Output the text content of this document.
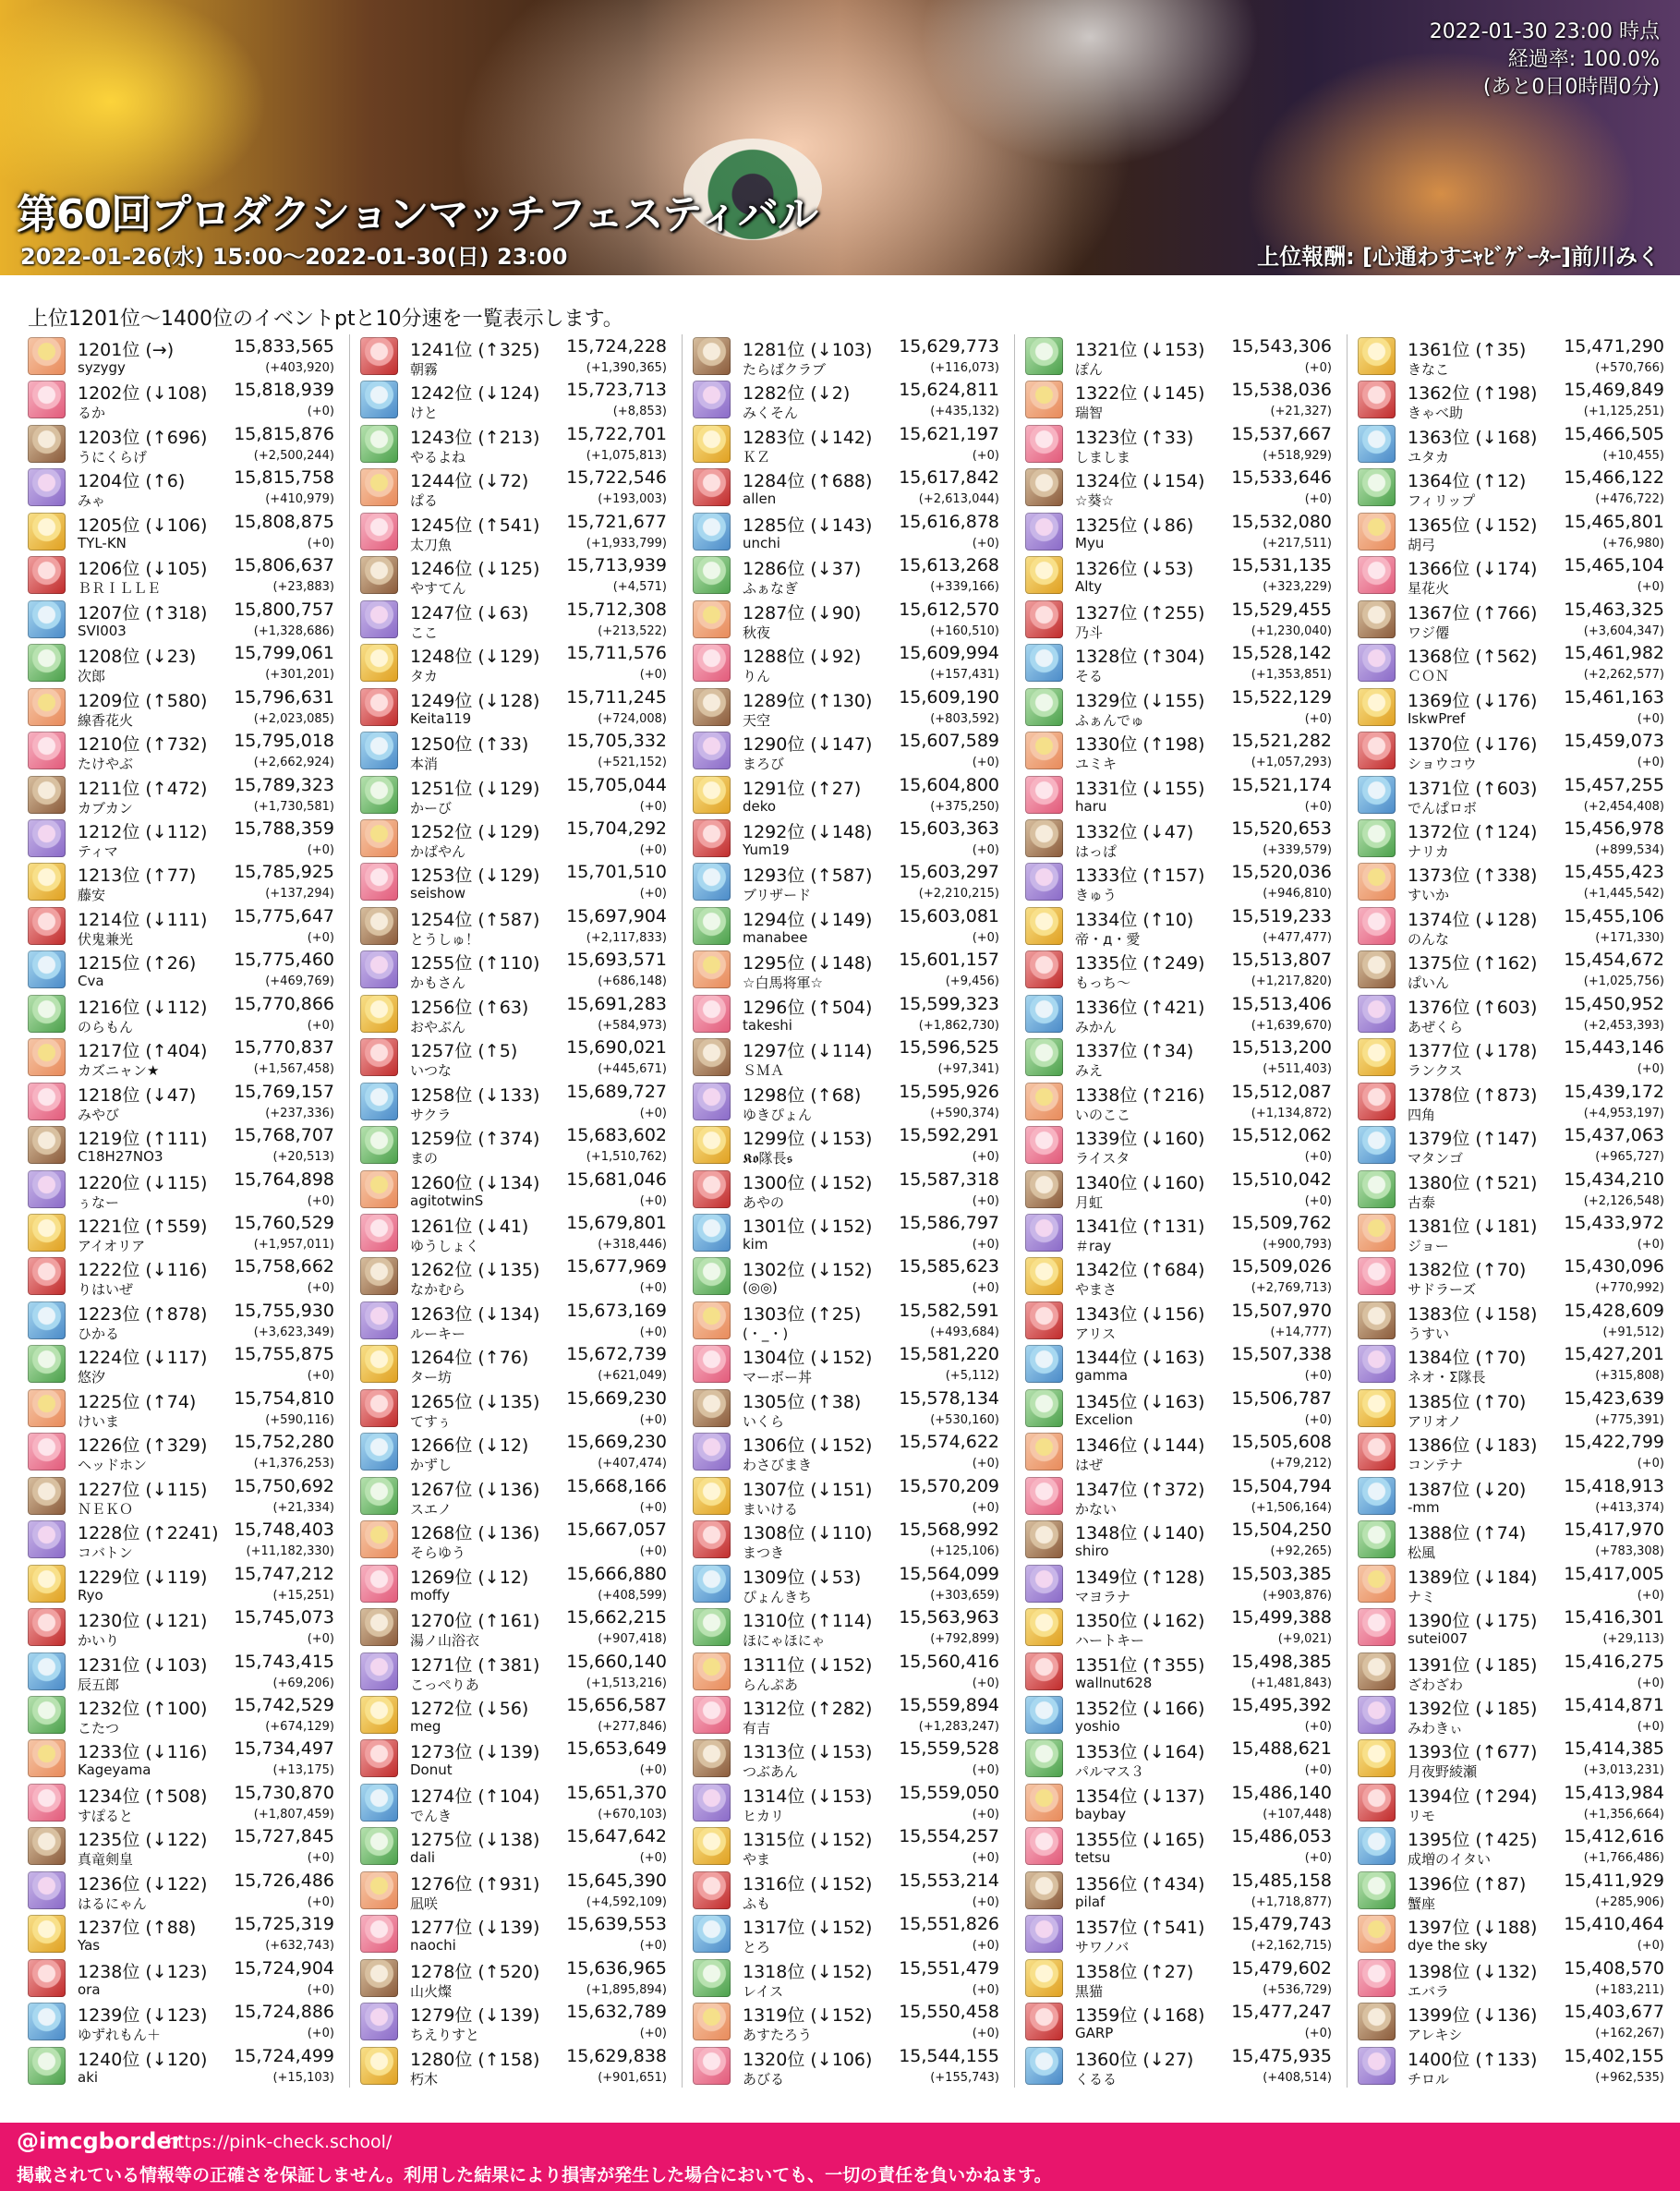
第60回プロダクションマッチフェスティバル
2022-01-26(水) 15:00～2022-01-30(日) 23:00	上位報酬: [心通わすﾆｬﾋﾞｹﾞｰﾀｰ]前川みく
2022-01-30 23:00 時点
経過率: 100.0%
(あと0日0時間0分)
上位1201位～1400位のイベントptと10分速を一覧表示します。
1201位 (→)	15,833,565
syzygy	(+403,920)
1202位 (↓108) 15,818,939
るか	(+0)
1203位 (↑696) 15,815,876
うにくらげ	(+2,500,244)
1204位 (↑6)	15,815,758
みゃ	(+410,979)
1205位 (↓106) 15,808,875
TYL-KN	(+0)
1206位 (↓105) 15,806,637
ＢＲＩＬＬＥ	(+23,883)
1207位 (↑318) 15,800,757
SVI003	(+1,328,686)
1208位 (↓23) 15,799,061
次郎	(+301,201)
1209位 (↑580) 15,796,631
線香花火	(+2,023,085)
1210位 (↑732) 15,795,018
たけやぶ	(+2,662,924)
1211位 (↑472) 15,789,323
カブカン	(+1,730,581)
1212位 (↓112) 15,788,359
ティマ	(+0)
1213位 (↑77) 15,785,925
藤安	(+137,294)
1214位 (↓111) 15,775,647
伏鬼兼光	(+0)
1215位 (↑26) 15,775,460
Cva	(+469,769)
1216位 (↓112) 15,770,866
のらもん	(+0)
1217位 (↑404) 15,770,837
カズニャン★	(+1,567,458)
1218位 (↓47) 15,769,157
みやび	(+237,336)
1219位 (↑111) 15,768,707
C18H27NO3	(+20,513)
1220位 (↓115) 15,764,898
ぅなー	(+0)
1221位 (↑559) 15,760,529
アイオリア	(+1,957,011)
1222位 (↓116) 15,758,662
りはいぜ	(+0)
1223位 (↑878) 15,755,930
ひかる	(+3,623,349)
1224位 (↓117) 15,755,875
悠汐	(+0)
1225位 (↑74) 15,754,810
けいま	(+590,116)
1226位 (↑329) 15,752,280
ヘッドホン	(+1,376,253)
1227位 (↓115) 15,750,692
ＮＥＫＯ	(+21,334)
1228位 (↑2241) 15,748,403
コバトン	(+11,182,330)
1229位 (↓119) 15,747,212
Ryo	(+15,251)
1230位 (↓121) 15,745,073
かいり	(+0)
1231位 (↓103) 15,743,415
辰五郎	(+69,206)
1232位 (↑100) 15,742,529
こたつ	(+674,129)
1233位 (↓116) 15,734,497
Kageyama	(+13,175)
1234位 (↑508) 15,730,870
すぽると	(+1,807,459)
1235位 (↓122) 15,727,845
真竜剣皇	(+0)
1236位 (↓122) 15,726,486
はるにゃん	(+0)
1237位 (↑88) 15,725,319
Yas	(+632,743)
1238位 (↓123) 15,724,904
ora	(+0)
1239位 (↓123) 15,724,886
ゆずれもん＋	(+0)
1240位 (↓120) 15,724,499
aki	(+15,103)
1241位 (↑325) 15,724,228
朝霧	(+1,390,365)
1242位 (↓124) 15,723,713
けと	(+8,853)
1243位 (↑213) 15,722,701
やるよね	(+1,075,813)
1244位 (↓72) 15,722,546
ぱる	(+193,003)
1245位 (↑541) 15,721,677
太刀魚	(+1,933,799)
1246位 (↓125) 15,713,939
やすてん	(+4,571)
1247位 (↓63) 15,712,308
ここ	(+213,522)
1248位 (↓129) 15,711,576
タカ	(+0)
1249位 (↓128) 15,711,245
Keita119	(+724,008)
1250位 (↑33) 15,705,332
本消	(+521,152)
1251位 (↓129) 15,705,044
かーび	(+0)
1252位 (↓129) 15,704,292
かばやん	(+0)
1253位 (↓129) 15,701,510
seishow	(+0)
1254位 (↑587) 15,697,904
とうしゅ！	(+2,117,833)
1255位 (↑110) 15,693,571
かもさん	(+686,148)
1256位 (↑63) 15,691,283
おやぶん	(+584,973)
1257位 (↑5)	15,690,021
いつな	(+445,671)
1258位 (↓133) 15,689,727
サクラ	(+0)
1259位 (↑374) 15,683,602
まの	(+1,510,762)
1260位 (↓134) 15,681,046
agitotwinS	(+0)
1261位 (↓41) 15,679,801
ゆうしょく	(+318,446)
1262位 (↓135) 15,677,969
なかむら	(+0)
1263位 (↓134) 15,673,169
ルーキー	(+0)
1264位 (↑76) 15,672,739
ター坊	(+621,049)
1265位 (↓135) 15,669,230
てすぅ	(+0)
1266位 (↓12) 15,669,230
かずし	(+407,474)
1267位 (↓136) 15,668,166
スエノ	(+0)
1268位 (↓136) 15,667,057
そらゆう	(+0)
1269位 (↓12) 15,666,880
moffy	(+408,599)
1270位 (↑161) 15,662,215
湯ノ山浴衣	(+907,418)
1271位 (↑381) 15,660,140
こっぺりあ	(+1,513,216)
1272位 (↓56) 15,656,587
meg	(+277,846)
1273位 (↓139) 15,653,649
Donut	(+0)
1274位 (↑104) 15,651,370
でんき	(+670,103)
1275位 (↓138) 15,647,642
dali	(+0)
1276位 (↑931) 15,645,390
凪咲	(+4,592,109)
1277位 (↓139) 15,639,553
naochi	(+0)
1278位 (↑520) 15,636,965
山火燦	(+1,895,894)
1279位 (↓139) 15,632,789
ちえりすと	(+0)
1280位 (↑158) 15,629,838
朽木	(+901,651)
1281位 (↓103) 15,629,773
たらばクラブ	(+116,073)
1282位 (↓2)	15,624,811
みくそん	(+435,132)
1283位 (↓142) 15,621,197
ＫＺ	(+0)
1284位 (↑688) 15,617,842
allen	(+2,613,044)
1285位 (↓143) 15,616,878
unchi	(+0)
1286位 (↓37) 15,613,268
ふぁなぎ	(+339,166)
1287位 (↓90) 15,612,570
秋夜	(+160,510)
1288位 (↓92) 15,609,994
りん	(+157,431)
1289位 (↑130) 15,609,190
天空	(+803,592)
1290位 (↓147) 15,607,589
まろび	(+0)
1291位 (↑27) 15,604,800
deko	(+375,250)
1292位 (↓148) 15,603,363
Yum19	(+0)
1293位 (↑587) 15,603,297
ブリザード	(+2,210,215)
1294位 (↓149) 15,603,081
manabee	(+0)
1295位 (↓148) 15,601,157
☆白馬将軍☆	(+9,456)
1296位 (↑504) 15,599,323
takeshi	(+1,862,730)
1297位 (↓114) 15,596,525
ＳＭＡ	(+97,341)
1298位 (↑68) 15,595,926
ゆきぴょん	(+590,374)
1299位 (↓153) 15,592,291
𝕶𝖔隊長𝖘	(+0)
1300位 (↓152) 15,587,318
あやの	(+0)
1301位 (↓152) 15,586,797
kim	(+0)
1302位 (↓152) 15,585,623
(◎◎)	(+0)
1303位 (↑25) 15,582,591
(・_・)	(+493,684)
1304位 (↓152) 15,581,220
マーボー丼	(+5,112)
1305位 (↑38) 15,578,134
いくら	(+530,160)
1306位 (↓152) 15,574,622
わさびまき	(+0)
1307位 (↓151) 15,570,209
まいける	(+0)
1308位 (↓110) 15,568,992
まつき	(+125,106)
1309位 (↓53) 15,564,099
ぴょんきち	(+303,659)
1310位 (↑114) 15,563,963
ほにゃほにゃ	(+792,899)
1311位 (↓152) 15,560,416
らんぷあ	(+0)
1312位 (↑282) 15,559,894
有吉	(+1,283,247)
1313位 (↓153) 15,559,528
つぶあん	(+0)
1314位 (↓153) 15,559,050
ヒカリ	(+0)
1315位 (↓152) 15,554,257
やま	(+0)
1316位 (↓152) 15,553,214
ふも	(+0)
1317位 (↓152) 15,551,826
とろ	(+0)
1318位 (↓152) 15,551,479
レイス	(+0)
1319位 (↓152) 15,550,458
あすたろう	(+0)
1320位 (↓106) 15,544,155
あびる	(+155,743)
1321位 (↓153) 15,543,306
ぽん	(+0)
1322位 (↓145) 15,538,036
瑞智	(+21,327)
1323位 (↑33) 15,537,667
しましま	(+518,929)
1324位 (↓154) 15,533,646
☆葵☆	(+0)
1325位 (↓86) 15,532,080
Myu	(+217,511)
1326位 (↓53) 15,531,135
Alty	(+323,229)
1327位 (↑255) 15,529,455
乃斗	(+1,230,040)
1328位 (↑304) 15,528,142
そる	(+1,353,851)
1329位 (↓155) 15,522,129
ふぁんでゅ	(+0)
1330位 (↑198) 15,521,282
ユミキ	(+1,057,293)
1331位 (↓155) 15,521,174
haru	(+0)
1332位 (↓47) 15,520,653
はっぱ	(+339,579)
1333位 (↑157) 15,520,036
きゅう	(+946,810)
1334位 (↑10) 15,519,233
帝・д・愛	(+477,477)
1335位 (↑249) 15,513,807
もっち～	(+1,217,820)
1336位 (↑421) 15,513,406
みかん	(+1,639,670)
1337位 (↑34) 15,513,200
みえ	(+511,403)
1338位 (↑216) 15,512,087
いのここ	(+1,134,872)
1339位 (↓160) 15,512,062
ライスタ	(+0)
1340位 (↓160) 15,510,042
月虹	(+0)
1341位 (↑131) 15,509,762
＃ray	(+900,793)
1342位 (↑684) 15,509,026
やまさ	(+2,769,713)
1343位 (↓156) 15,507,970
アリス	(+14,777)
1344位 (↓163) 15,507,338
gamma	(+0)
1345位 (↓163) 15,506,787
Excelion	(+0)
1346位 (↓144) 15,505,608
はぜ	(+79,212)
1347位 (↑372) 15,504,794
かない	(+1,506,164)
1348位 (↓140) 15,504,250
shiro	(+92,265)
1349位 (↑128) 15,503,385
マヨラナ	(+903,876)
1350位 (↓162) 15,499,388
ハートキー	(+9,021)
1351位 (↑355) 15,498,385
wallnut628	(+1,481,843)
1352位 (↓166) 15,495,392
yoshio	(+0)
1353位 (↓164) 15,488,621
パルマス３	(+0)
1354位 (↓137) 15,486,140
baybay	(+107,448)
1355位 (↓165) 15,486,053
tetsu	(+0)
1356位 (↑434) 15,485,158
pilaf	(+1,718,877)
1357位 (↑541) 15,479,743
サワノバ	(+2,162,715)
1358位 (↑27) 15,479,602
黒猫	(+536,729)
1359位 (↓168) 15,477,247
GARP	(+0)
1360位 (↓27) 15,475,935
くるる	(+408,514)
1361位 (↑35) 15,471,290
きなこ	(+570,766)
1362位 (↑198) 15,469,849
きゃべ助	(+1,125,251)
1363位 (↓168) 15,466,505
ユタカ	(+10,455)
1364位 (↑12) 15,466,122
フィリップ	(+476,722)
1365位 (↓152) 15,465,801
胡弓	(+76,980)
1366位 (↓174) 15,465,104
星花火	(+0)
1367位 (↑766) 15,463,325
ワジ僊	(+3,604,347)
1368位 (↑562) 15,461,982
ＣＯＮ	(+2,262,577)
1369位 (↓176) 15,461,163
IskwPref	(+0)
1370位 (↓176) 15,459,073
ショウコウ	(+0)
1371位 (↑603) 15,457,255
でんぱロボ	(+2,454,408)
1372位 (↑124) 15,456,978
ナリカ	(+899,534)
1373位 (↑338) 15,455,423
すいか	(+1,445,542)
1374位 (↓128) 15,455,106
のんな	(+171,330)
1375位 (↑162) 15,454,672
ぱいん	(+1,025,756)
1376位 (↑603) 15,450,952
あぜくら	(+2,453,393)
1377位 (↓178) 15,443,146
ランクス	(+0)
1378位 (↑873) 15,439,172
四角	(+4,953,197)
1379位 (↑147) 15,437,063
マタンゴ	(+965,727)
1380位 (↑521) 15,434,210
古泰	(+2,126,548)
1381位 (↓181) 15,433,972
ジョー	(+0)
1382位 (↑70) 15,430,096
サドラーズ	(+770,992)
1383位 (↓158) 15,428,609
うすい	(+91,512)
1384位 (↑70) 15,427,201
ネオ・Σ隊長	(+315,808)
1385位 (↑70) 15,423,639
アリオノ	(+775,391)
1386位 (↓183) 15,422,799
コンテナ	(+0)
1387位 (↓20) 15,418,913
-mm	(+413,374)
1388位 (↑74) 15,417,970
松風	(+783,308)
1389位 (↓184) 15,417,005
ナミ	(+0)
1390位 (↓175) 15,416,301
sutei007	(+29,113)
1391位 (↓185) 15,416,275
ざわざわ	(+0)
1392位 (↓185) 15,414,871
みわきぃ	(+0)
1393位 (↑677) 15,414,385
月夜野綾瀬	(+3,013,231)
1394位 (↑294) 15,413,984
リモ	(+1,356,664)
1395位 (↑425) 15,412,616
成増のイタい	(+1,766,486)
1396位 (↑87) 15,411,929
蟹座	(+285,906)
1397位 (↓188) 15,410,464
dye the sky	(+0)
1398位 (↓132) 15,408,570
エバラ	(+183,211)
1399位 (↓136) 15,403,677
アレキシ	(+162,267)
1400位 (↑133) 15,402,155
チロル	(+962,535)
@imcgborder
https://pink-check.school/
掲載されている情報等の正確さを保証しません。利用した結果により損害が発生した場合においても、一切の責任を負いかねます。
